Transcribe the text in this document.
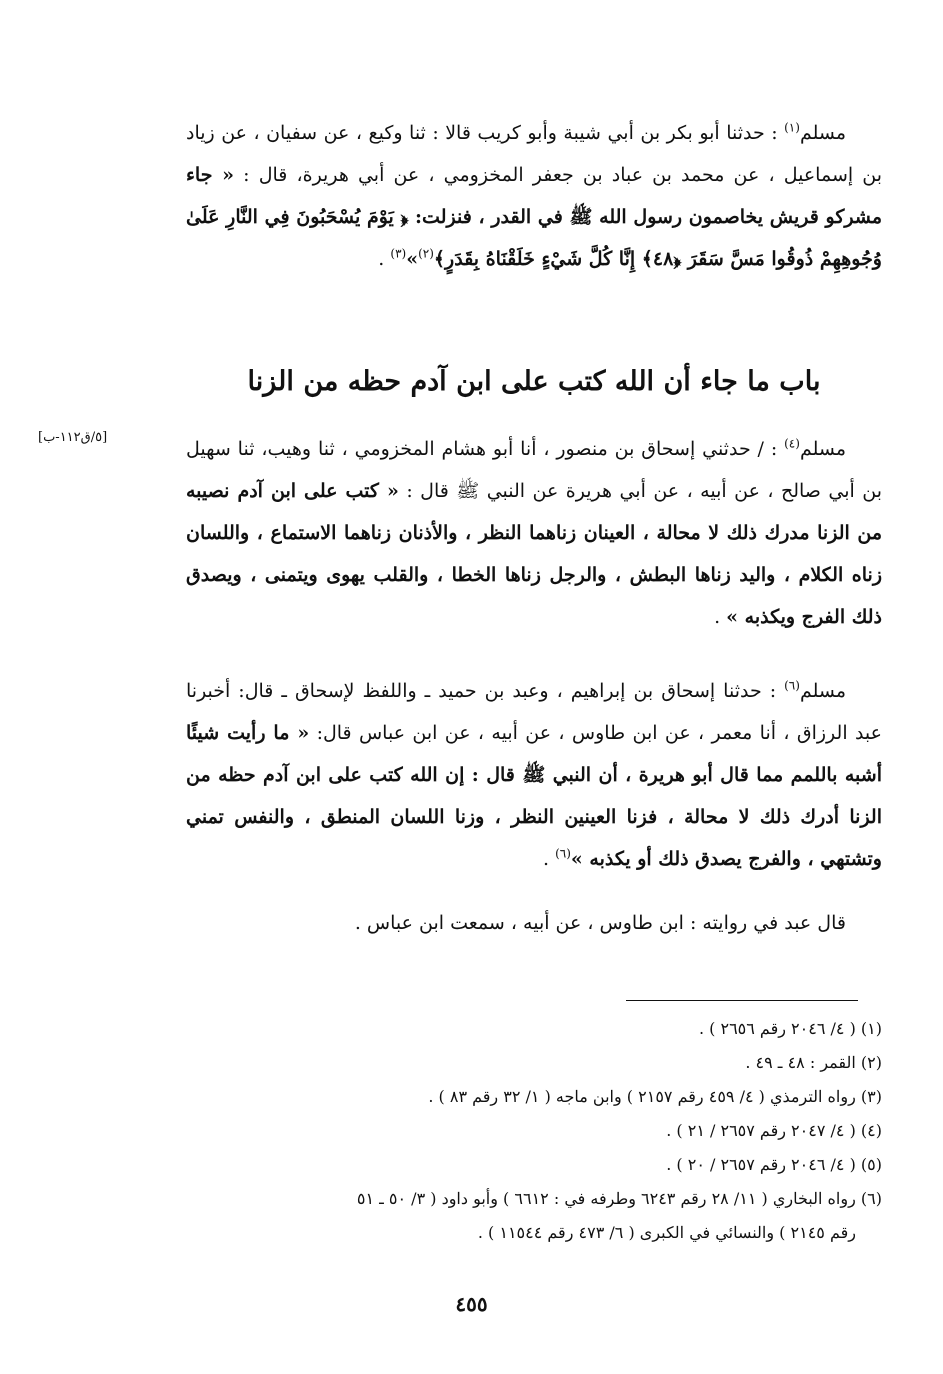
مسلم$^{(١)}$ : حدثنا أبو بكر بن أبي شيبة وأبو كريب قالا : ثنا وكيع ، عن سفيان ، عن زياد بن إسماعيل ، عن محمد بن عباد بن جعفر المخزومي ، عن أبي هريرة، قال : « جاء مشركو قريش يخاصمون رسول الله ﷺ في القدر ، فنزلت: ﴿ يَوْمَ يُسْحَبُونَ فِي النَّارِ عَلَىٰ وُجُوهِهِمْ ذُوقُوا مَسَّ سَقَرَ ﴿٤٨﴾ إِنَّا كُلَّ شَيْءٍ خَلَقْنَاهُ بِقَدَرٍ﴾$^{(٢)}$»$^{(٣)}$ .

باب ما جاء أن الله كتب على ابن آدم حظه من الزنا
[٥/ق١١٢-ب]

مسلم$^{(٤)}$ : / حدثني إسحاق بن منصور ، أنا أبو هشام المخزومي ، ثنا وهيب، ثنا سهيل بن أبي صالح ، عن أبيه ، عن أبي هريرة عن النبي ﷺ قال : « كتب على ابن آدم نصيبه من الزنا مدرك ذلك لا محالة ، العينان زناهما النظر ، والأذنان زناهما الاستماع ، واللسان زناه الكلام ، واليد زناها البطش ، والرجل زناها الخطا ، والقلب يهوى ويتمنى ، ويصدق ذلك الفرج ويكذبه » .

مسلم$^{(٦)}$ : حدثنا إسحاق بن إبراهيم ، وعبد بن حميد ـ واللفظ لإسحاق ـ قال: أخبرنا عبد الرزاق ، أنا معمر ، عن ابن طاوس ، عن أبيه ، عن ابن عباس قال: « ما رأيت شيئًا أشبه باللمم مما قال أبو هريرة ، أن النبي ﷺ قال : إن الله كتب على ابن آدم حظه من الزنا أدرك ذلك لا محالة ، فزنا العينين النظر ، وزنا اللسان المنطق ، والنفس تمني وتشتهي ، والفرج يصدق ذلك أو يكذبه »$^{(٦)}$ .

قال عبد في روايته : ابن طاوس ، عن أبيه ، سمعت ابن عباس .

(١) ( ٤/ ٢٠٤٦ رقم ٢٦٥٦ ) .

(٢) القمر : ٤٨ ـ ٤٩ .

(٣) رواه الترمذي ( ٤/ ٤٥٩ رقم ٢١٥٧ ) وابن ماجه ( ١/ ٣٢ رقم ٨٣ ) .

(٤) ( ٤/ ٢٠٤٧ رقم ٢٦٥٧ / ٢١ ) .

(٥) ( ٤/ ٢٠٤٦ رقم ٢٦٥٧ / ٢٠ ) .

(٦) رواه البخاري ( ١١/ ٢٨ رقم ٦٢٤٣ وطرفه في : ٦٦١٢ ) وأبو داود ( ٣/ ٥٠ ـ ٥١

رقم ٢١٤٥ ) والنسائي في الكبرى ( ٦/ ٤٧٣ رقم ١١٥٤٤ ) .

٤٥٥
